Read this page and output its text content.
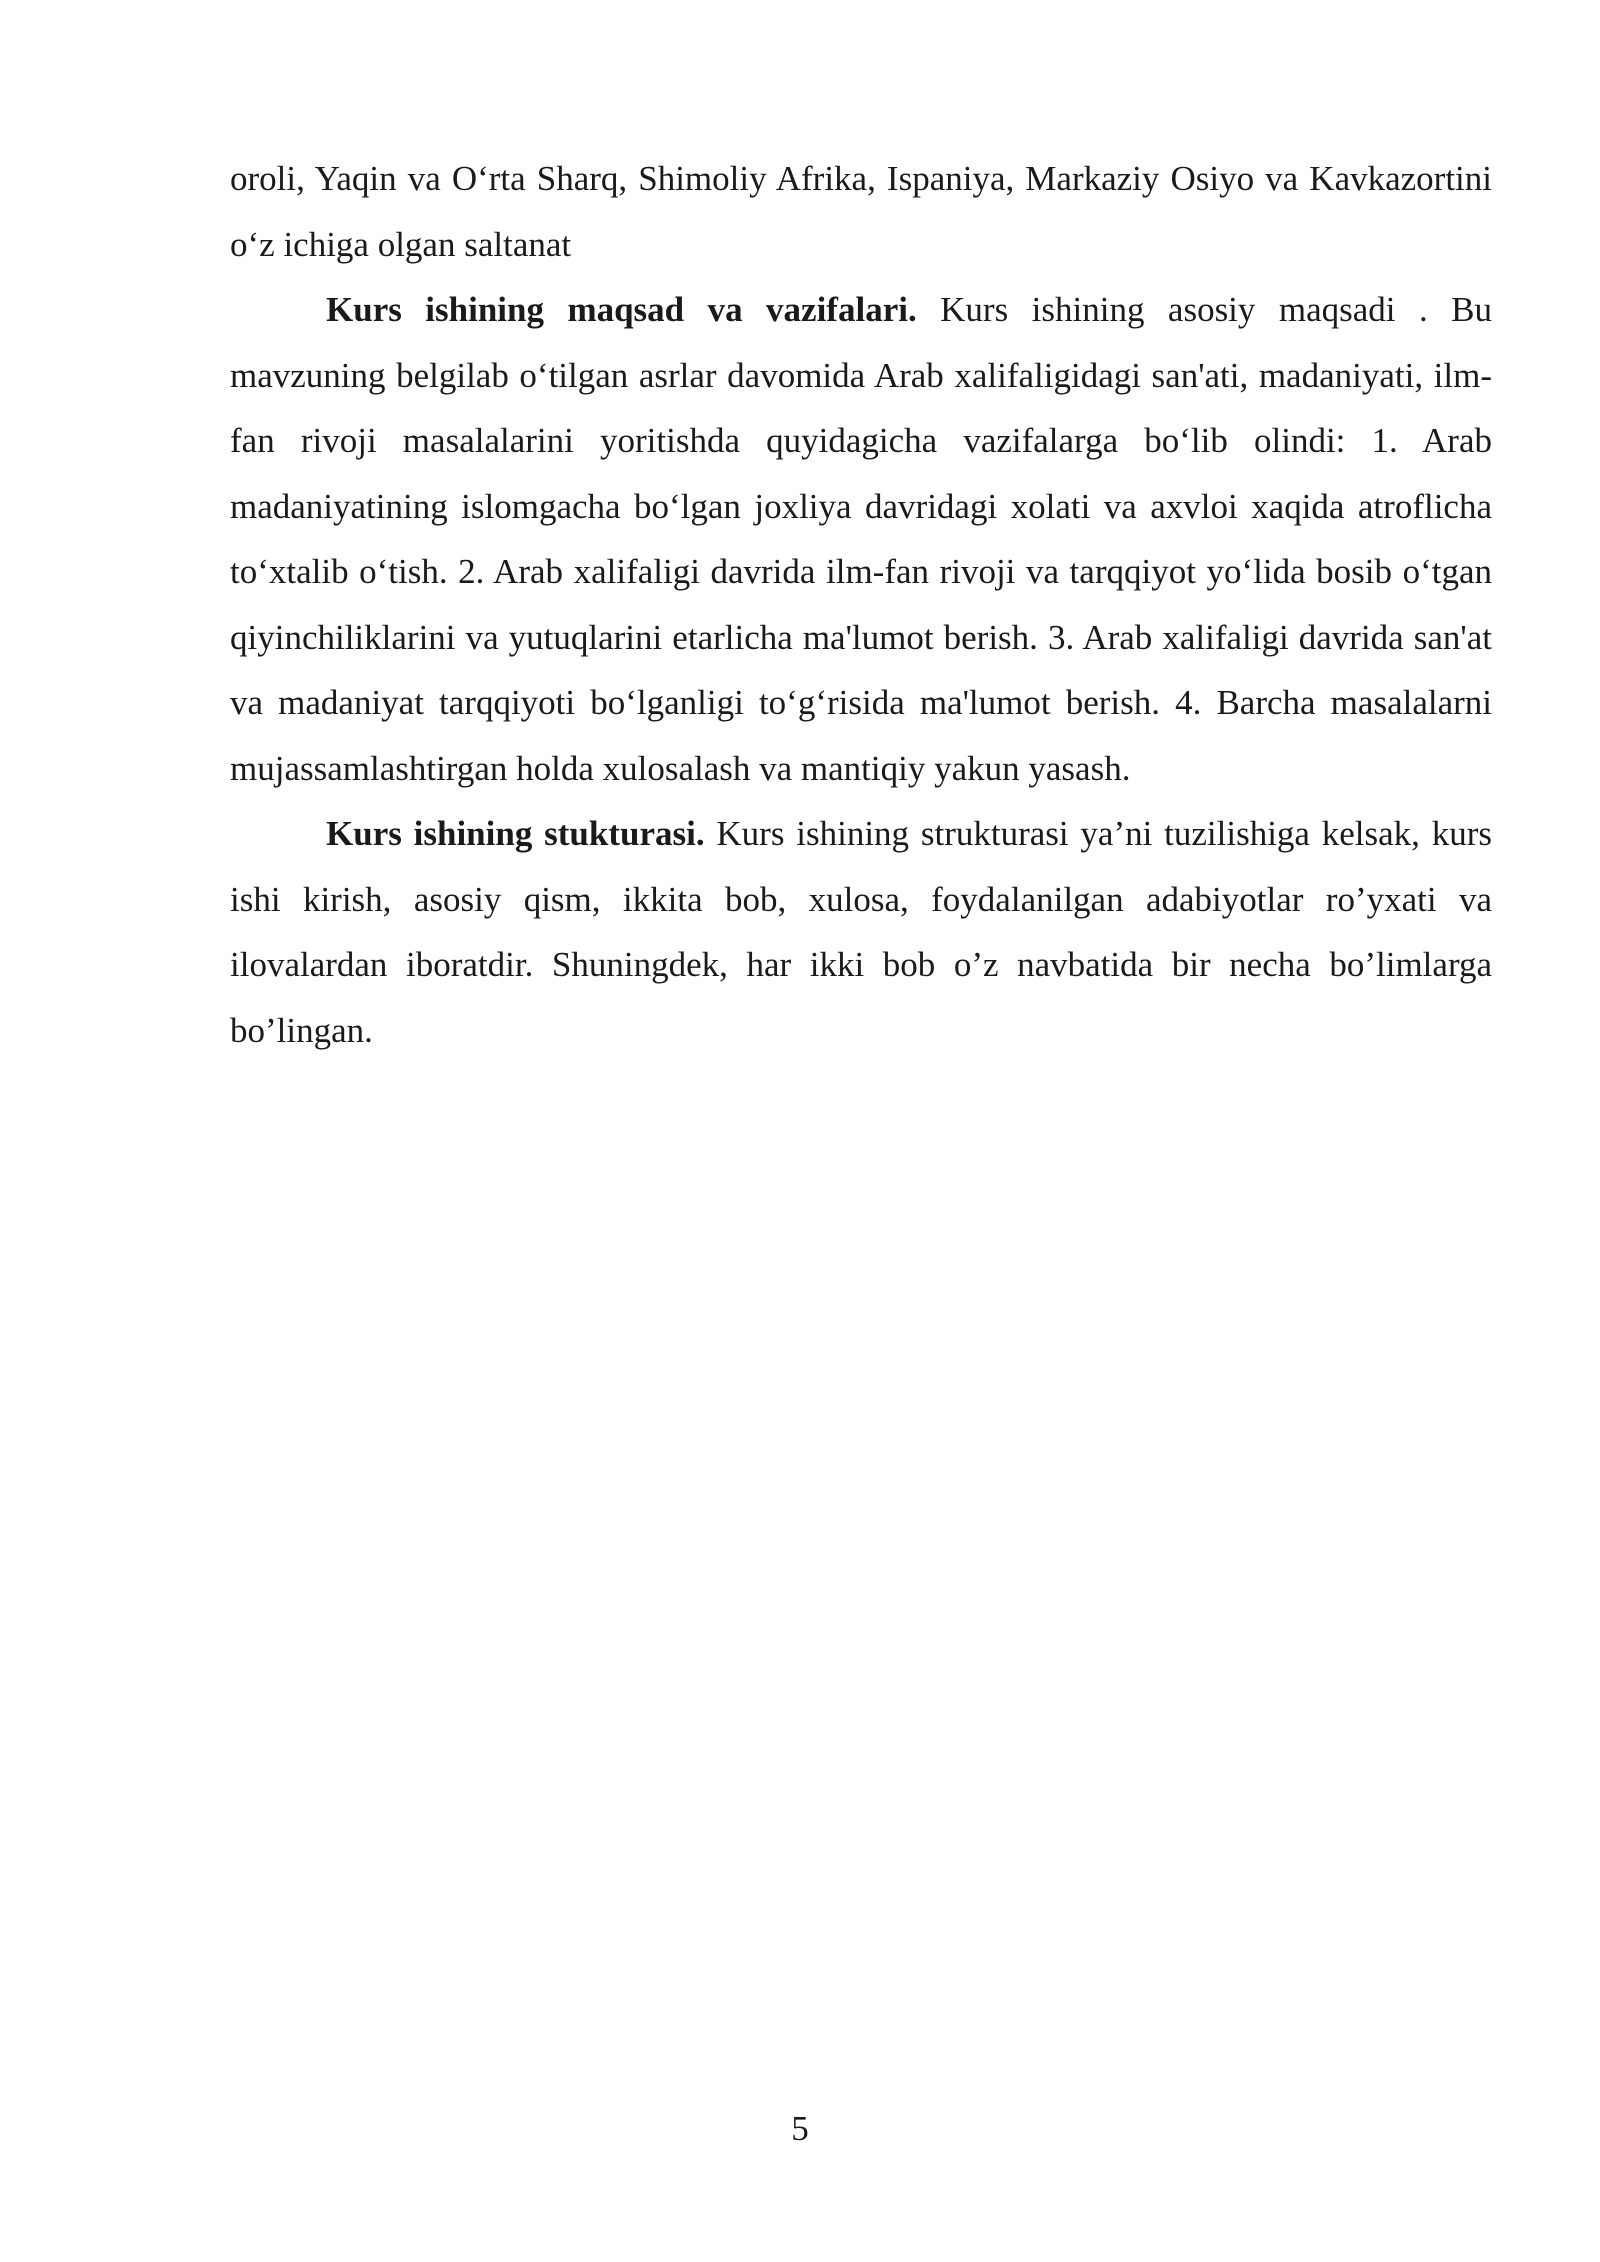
oroli, Yaqin va O‘rta Sharq, Shimoliy Afrika, Ispaniya, Markaziy Osiyo va Kavkazortini o‘z ichiga olgan saltanat

Kurs ishining maqsad va vazifalari. Kurs ishining asosiy maqsadi . Bu mavzuning belgilab o‘tilgan asrlar davomida Arab xalifaligidagi san'ati, madaniyati, ilm-fan rivoji masalalarini yoritishda quyidagicha vazifalarga bo‘lib olindi: 1. Arab madaniyatining islomgacha bo‘lgan joxliya davridagi xolati va axvloi xaqida atroflicha to‘xtalib o‘tish. 2. Arab xalifaligi davrida ilm-fan rivoji va tarqqiyot yo‘lida bosib o‘tgan qiyinchiliklarini va yutuqlarini etarlicha ma'lumot berish. 3. Arab xalifaligi davrida san'at va madaniyat tarqqiyoti bo‘lganligi to‘g‘risida ma'lumot berish. 4. Barcha masalalarni mujassamlashtirgan holda xulosalash va mantiqiy yakun yasash.

Kurs ishining stukturasi. Kurs ishining strukturasi ya’ni tuzilishiga kelsak, kurs ishi kirish, asosiy qism, ikkita bob, xulosa, foydalanilgan adabiyotlar ro’yxati va ilovalardan iboratdir. Shuningdek, har ikki bob o’z navbatida bir necha bo’limlarga bo’lingan.

5
